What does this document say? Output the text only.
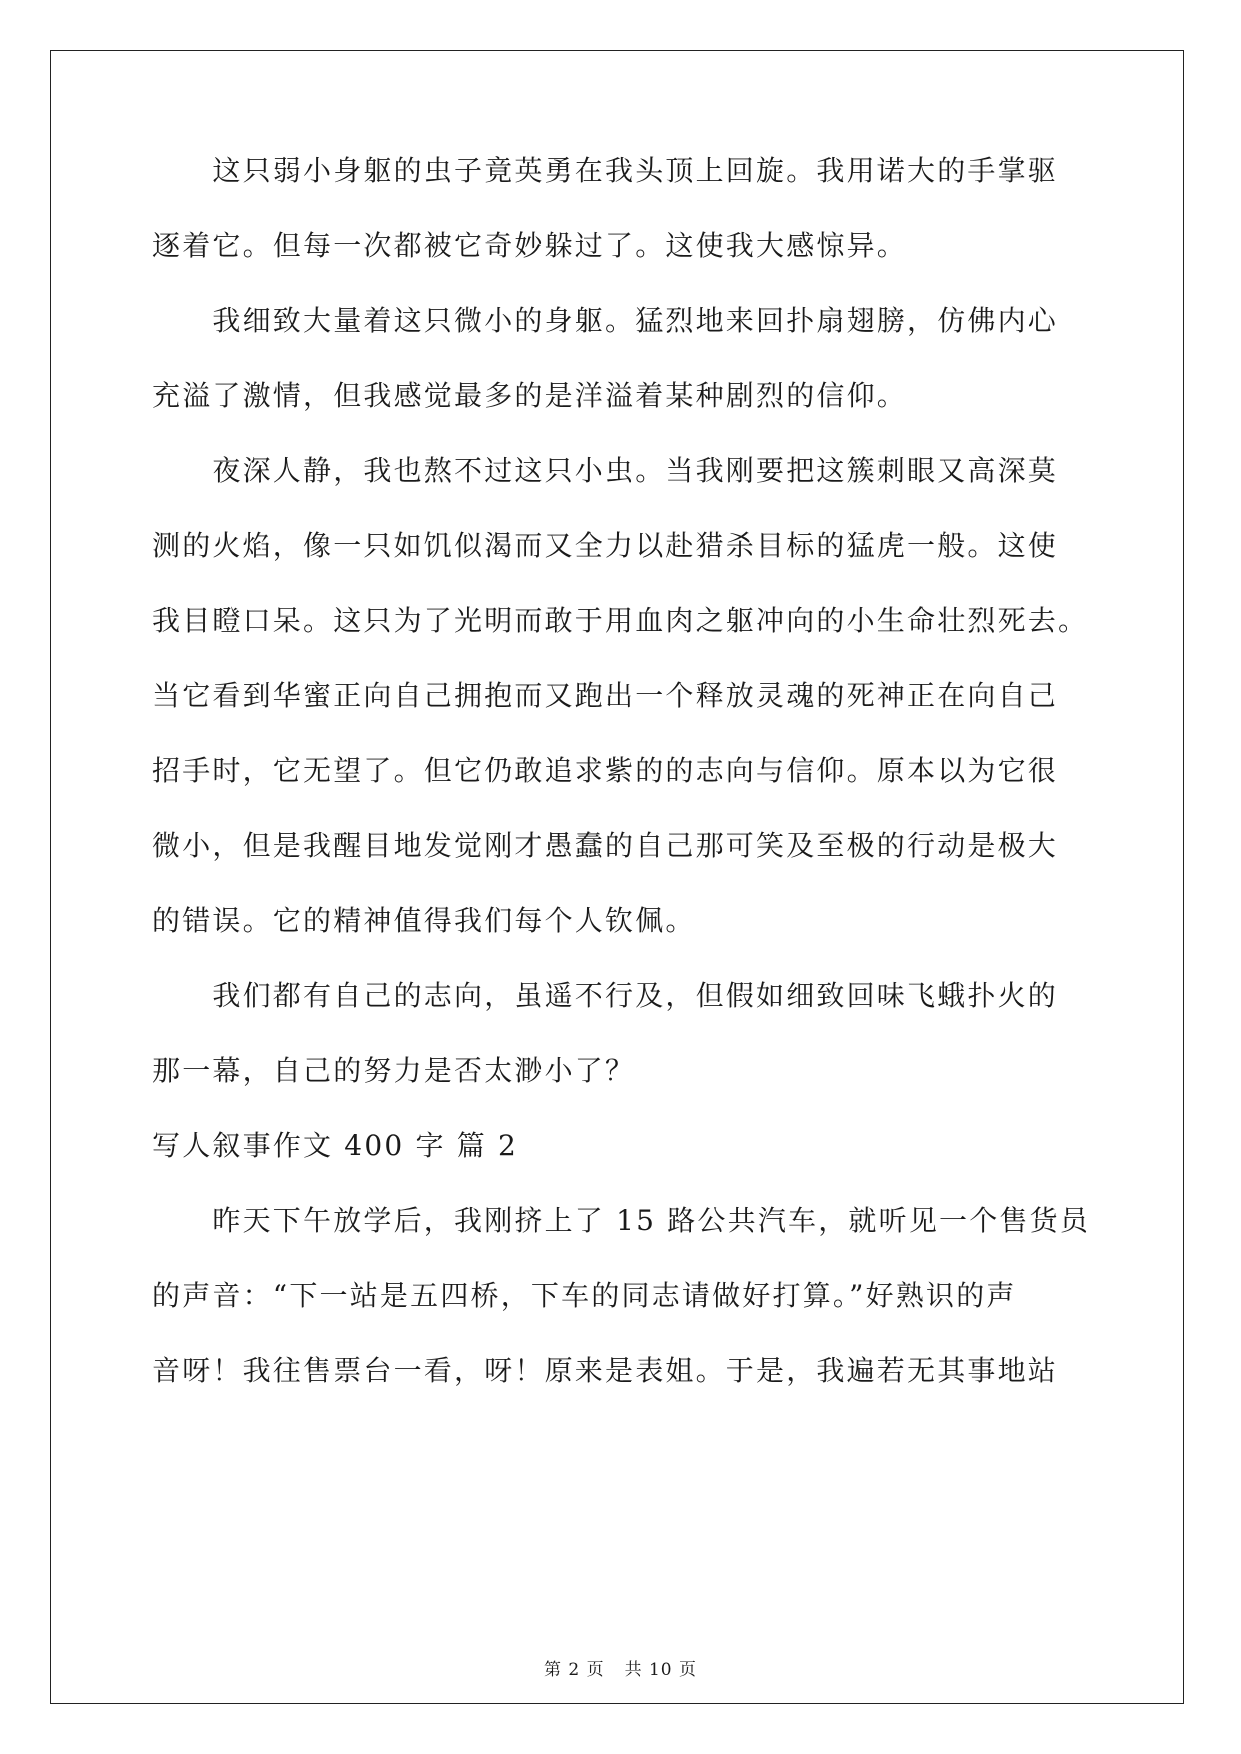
　　这只弱小身躯的虫子竟英勇在我头顶上回旋。我用诺大的手掌驱
逐着它。但每一次都被它奇妙躲过了。这使我大感惊异。
　　我细致大量着这只微小的身躯。猛烈地来回扑扇翅膀，仿佛内心
充溢了激情，但我感觉最多的是洋溢着某种剧烈的信仰。
　　夜深人静，我也熬不过这只小虫。当我刚要把这簇刺眼又高深莫
测的火焰，像一只如饥似渴而又全力以赴猎杀目标的猛虎一般。这使
我目瞪口呆。这只为了光明而敢于用血肉之躯冲向的小生命壮烈死去。
当它看到华蜜正向自己拥抱而又跑出一个释放灵魂的死神正在向自己
招手时，它无望了。但它仍敢追求紫的的志向与信仰。原本以为它很
微小，但是我醒目地发觉刚才愚蠢的自己那可笑及至极的行动是极大
的错误。它的精神值得我们每个人钦佩。
　　我们都有自己的志向，虽遥不行及，但假如细致回味飞蛾扑火的
那一幕，自己的努力是否太渺小了？
写人叙事作文 400 字 篇 2
　　昨天下午放学后，我刚挤上了 15 路公共汽车，就听见一个售货员
的声音：“下一站是五四桥，下车的同志请做好打算。”好熟识的声
音呀！我往售票台一看，呀！原来是表姐。于是，我遍若无其事地站
第 2 页 共 10 页
